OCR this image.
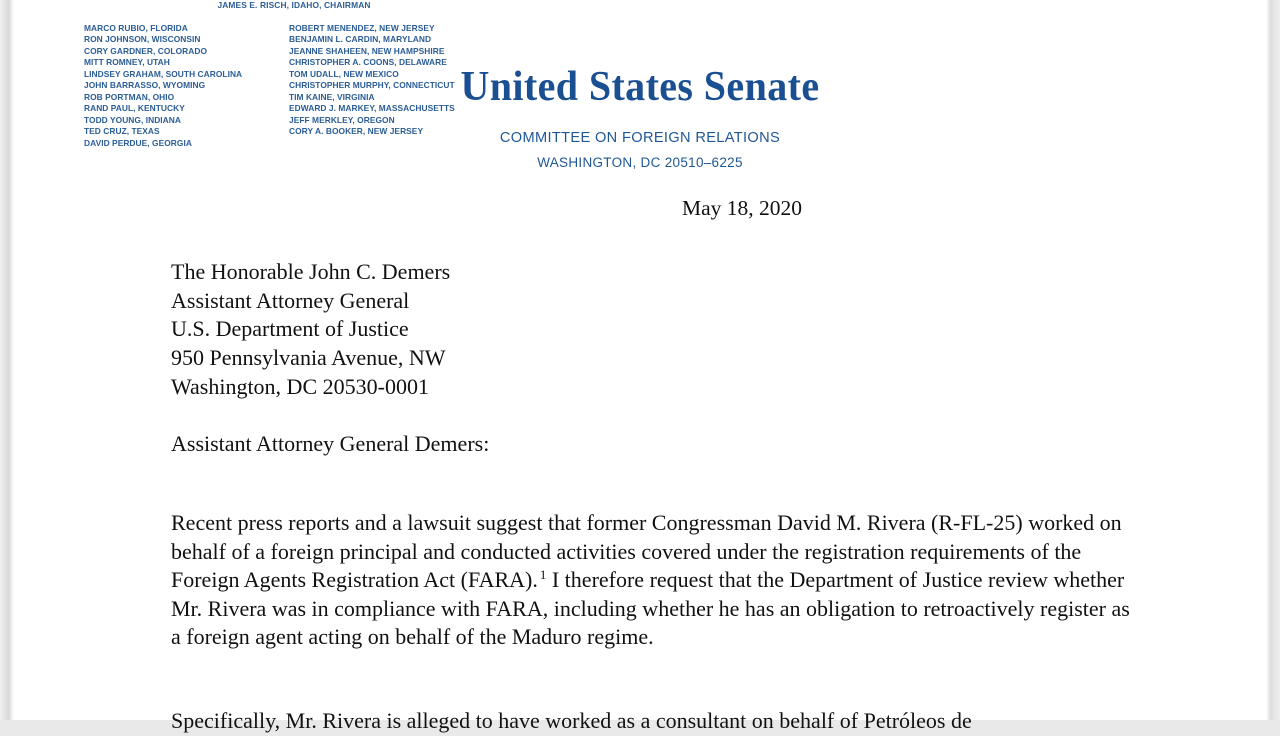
JAMES E. RISCH, IDAHO, CHAIRMAN
MARCO RUBIO, FLORIDA
RON JOHNSON, WISCONSIN
CORY GARDNER, COLORADO
MITT ROMNEY, UTAH
LINDSEY GRAHAM, SOUTH CAROLINA
JOHN BARRASSO, WYOMING
ROB PORTMAN, OHIO
RAND PAUL, KENTUCKY
TODD YOUNG, INDIANA
TED CRUZ, TEXAS
DAVID PERDUE, GEORGIA
ROBERT MENENDEZ, NEW JERSEY
BENJAMIN L. CARDIN, MARYLAND
JEANNE SHAHEEN, NEW HAMPSHIRE
CHRISTOPHER A. COONS, DELAWARE
TOM UDALL, NEW MEXICO
CHRISTOPHER MURPHY, CONNECTICUT
TIM KAINE, VIRGINIA
EDWARD J. MARKEY, MASSACHUSETTS
JEFF MERKLEY, OREGON
CORY A. BOOKER, NEW JERSEY
United States Senate
COMMITTEE ON FOREIGN RELATIONS
WASHINGTON, DC 20510–6225
May 18, 2020
The Honorable John C. Demers
Assistant Attorney General
U.S. Department of Justice
950 Pennsylvania Avenue, NW
Washington, DC 20530-0001
Assistant Attorney General Demers:

Recent press reports and a lawsuit suggest that former Congressman David M. Rivera (R-FL-25) worked on behalf of a foreign principal and conducted activities covered under the registration requirements of the Foreign Agents Registration Act (FARA). $^1$ I therefore request that the Department of Justice review whether Mr. Rivera was in compliance with FARA, including whether he has an obligation to retroactively register as a foreign agent acting on behalf of the Maduro regime.

Specifically, Mr. Rivera is alleged to have worked as a consultant on behalf of Petróleos de
